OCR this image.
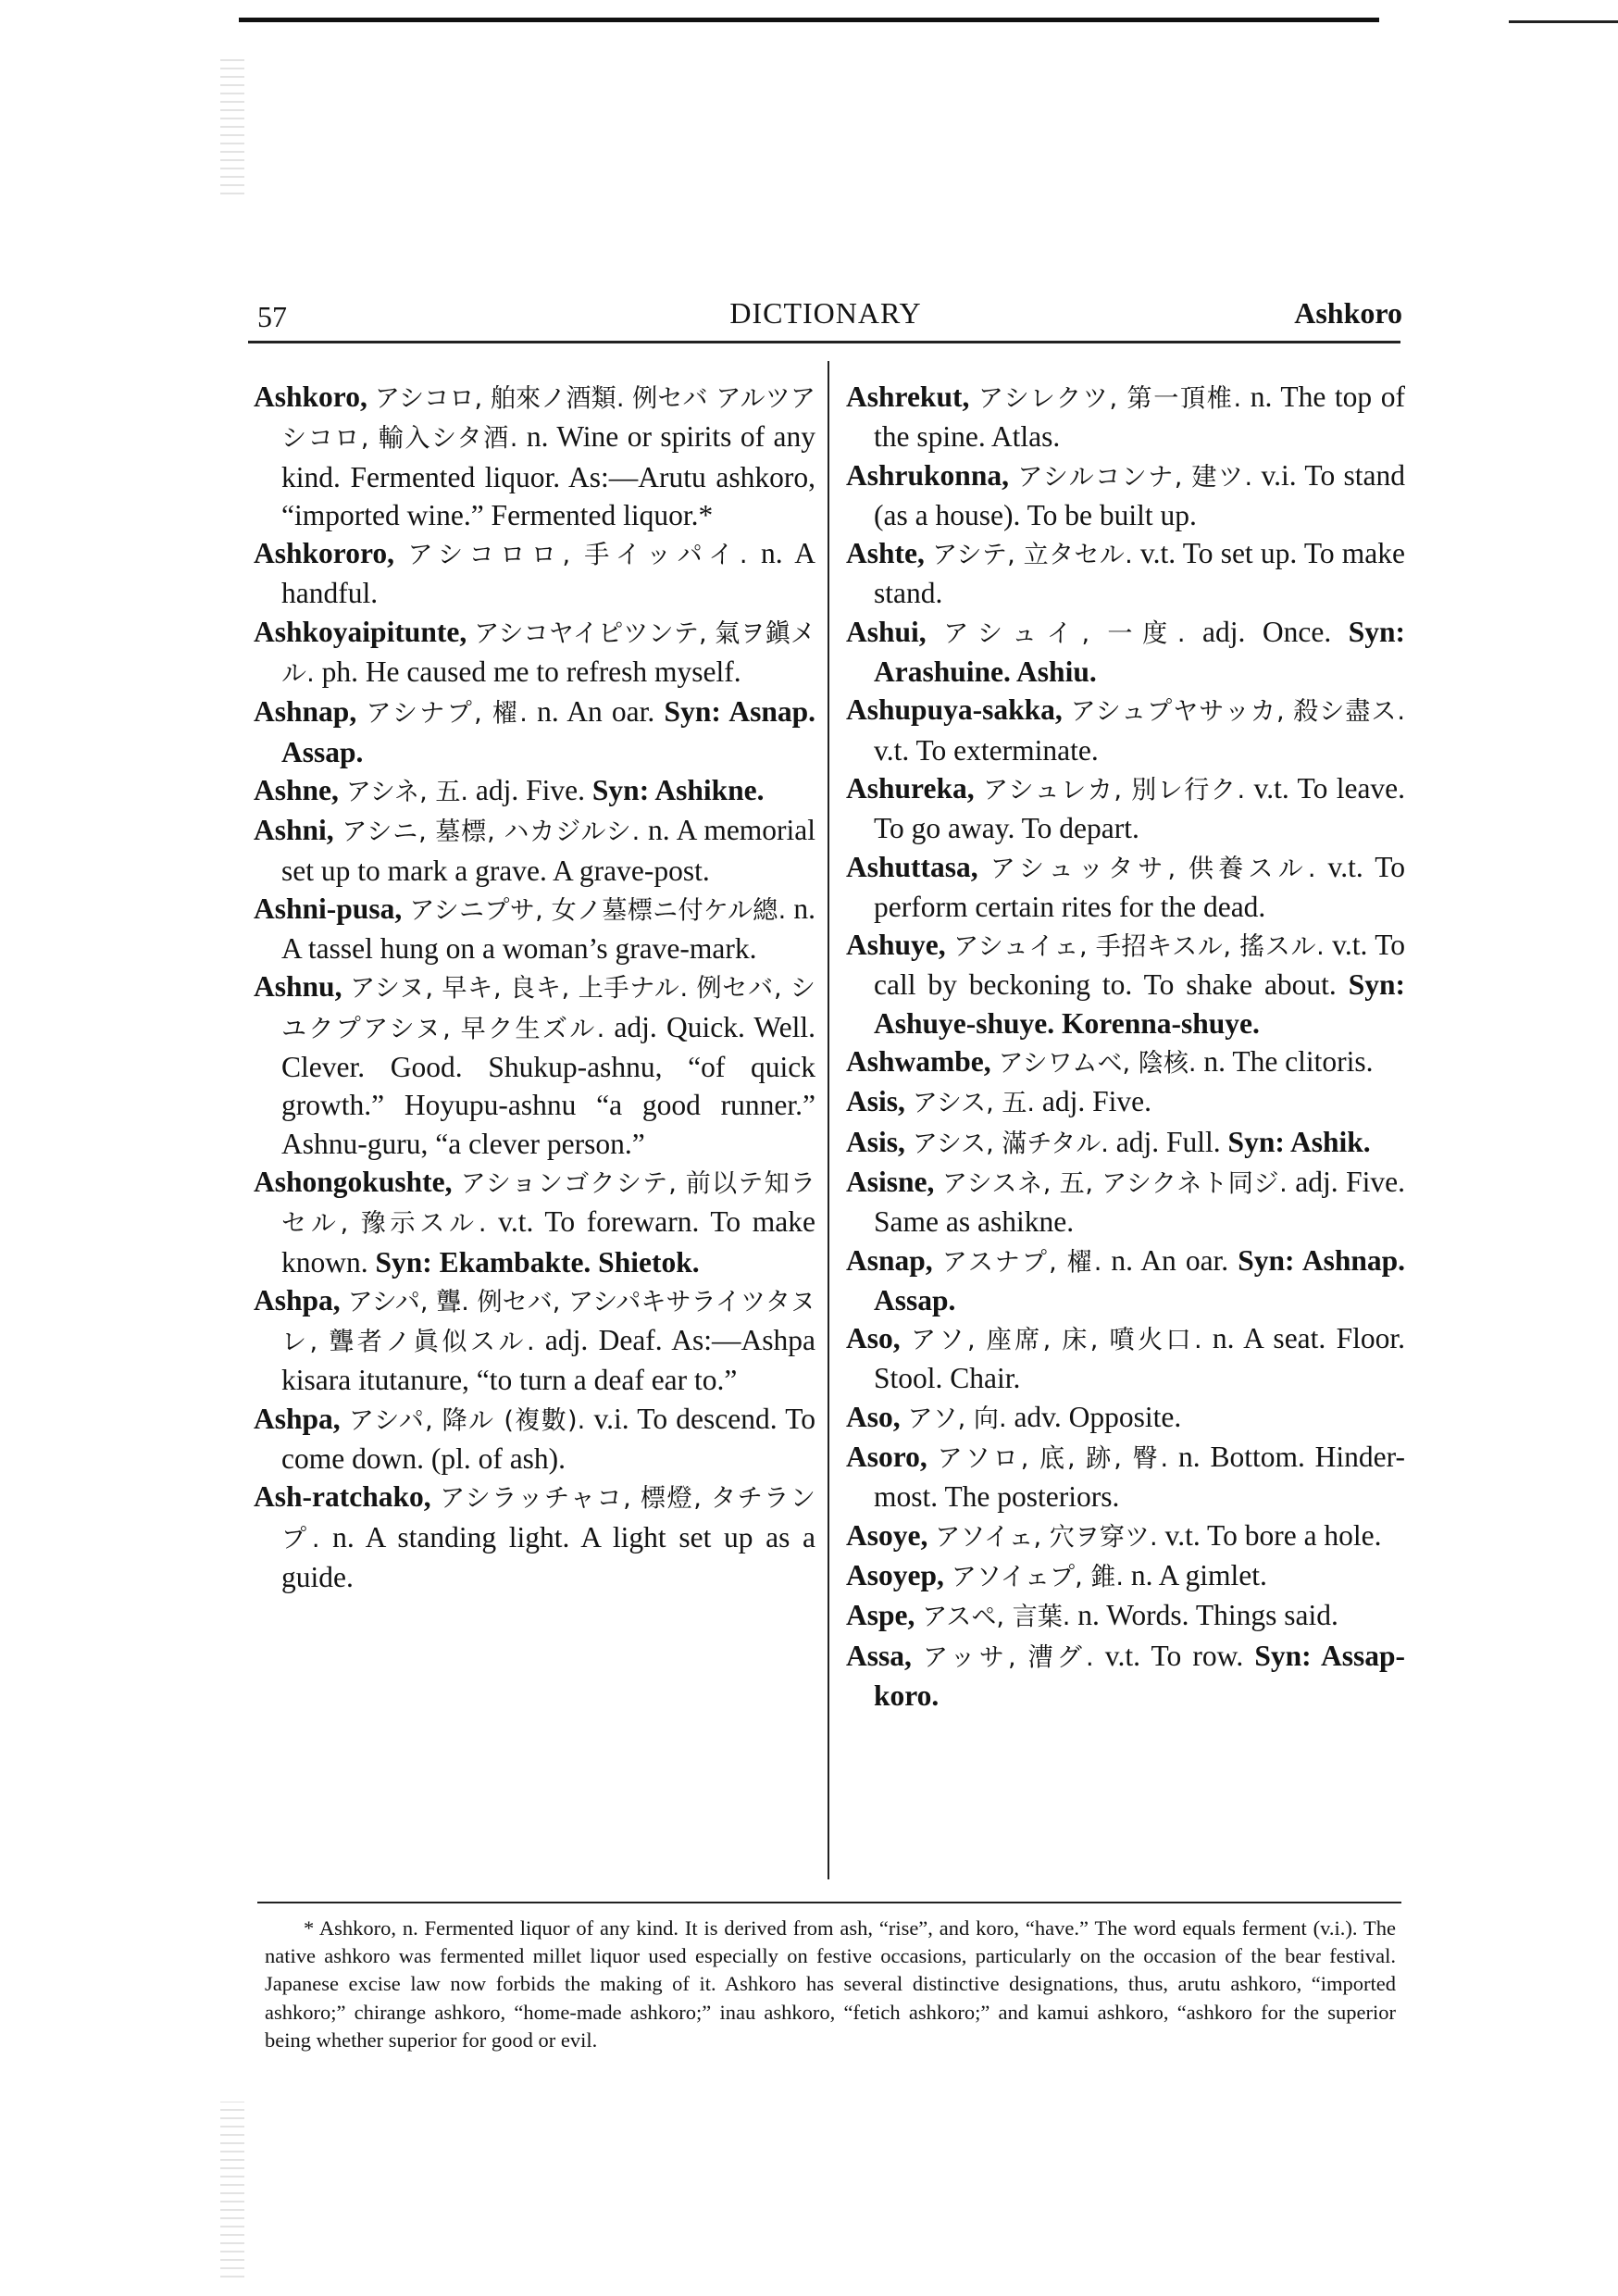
57	DICTIONARY	Ashkoro

Ashkoro, アシコロ, 舶來ノ酒類. 例セバ アルツアシコロ, 輸入シタ酒. n. Wine or spirits of any kind. Fermented liquor. As:—Arutu ashkoro, “imported wine.” Fermented liquor.*

Ashkororo, アシコロロ, 手イッパイ. n. A handful.

Ashkoyaipitunte, アシコヤイピツンテ, 氣ヲ鎭メル. ph. He caused me to refresh myself.

Ashnap, アシナプ, 櫂. n. An oar. Syn: Asnap. Assap.

Ashne, アシネ, 五. adj. Five. Syn: Ashikne.

Ashni, アシニ, 墓標, ハカジルシ. n. A memorial set up to mark a grave. A grave-post.

Ashni-pusa, アシニプサ, 女ノ墓標ニ付ケル總. n. A tassel hung on a woman’s grave-mark.

Ashnu, アシヌ, 早キ, 良キ, 上手ナル. 例セバ, シユクプアシヌ, 早ク生ズル. adj. Quick. Well. Clever. Good. Shukup-ashnu, “of quick growth.” Hoyupu-ashnu “a good runner.” Ashnu-guru, “a clever person.”

Ashongokushte, アションゴクシテ, 前以テ知ラセル, 豫示スル. v.t. To forewarn. To make known. Syn: Ekambakte. Shietok.

Ashpa, アシパ, 聾. 例セバ, アシパキサライツタヌレ, 聾者ノ眞似スル. adj. Deaf. As:—Ashpa kisara itutanure, “to turn a deaf ear to.”

Ashpa, アシパ, 降ル (複數). v.i. To descend. To come down. (pl. of ash).

Ash-ratchako, アシラッチャコ, 標燈, タチランプ. n. A standing light. A light set up as a guide.

Ashrekut, アシレクツ, 第一頂椎. n. The top of the spine. Atlas.

Ashrukonna, アシルコンナ, 建ツ. v.i. To stand (as a house). To be built up.

Ashte, アシテ, 立タセル. v.t. To set up. To make stand.

Ashui, アシュイ, 一度. adj. Once. Syn: Arashuine. Ashiu.

Ashupuya-sakka, アシュプヤサッカ, 殺シ盡ス. v.t. To exterminate.

Ashureka, アシュレカ, 別レ行ク. v.t. To leave. To go away. To depart.

Ashuttasa, アシュッタサ, 供養スル. v.t. To perform certain rites for the dead.

Ashuye, アシュイェ, 手招キスル, 搖スル. v.t. To call by beckoning to. To shake about. Syn: Ashuye-shuye. Korenna-shuye.

Ashwambe, アシワムベ, 陰核. n. The clitoris.

Asis, アシス, 五. adj. Five.

Asis, アシス, 滿チタル. adj. Full. Syn: Ashik.

Asisne, アシスネ, 五, アシクネト同ジ. adj. Five. Same as ashikne.

Asnap, アスナプ, 櫂. n. An oar. Syn: Ashnap. Assap.

Aso, アソ, 座席, 床, 噴火口. n. A seat. Floor. Stool. Chair.

Aso, アソ, 向. adv. Opposite.

Asoro, アソロ, 底, 跡, 臀. n. Bottom. Hinder-most. The posteriors.

Asoye, アソイェ, 穴ヲ穿ツ. v.t. To bore a hole.

Asoyep, アソイェプ, 錐. n. A gimlet.

Aspe, アスペ, 言葉. n. Words. Things said.

Assa, アッサ, 漕グ. v.t. To row. Syn: Assap-koro.

* Ashkoro, n. Fermented liquor of any kind. It is derived from ash, “rise”, and koro, “have.” The word equals ferment (v.i.). The native ashkoro was fermented millet liquor used especially on festive occasions, particularly on the occasion of the bear festival. Japanese excise law now forbids the making of it. Ashkoro has several distinctive designations, thus, arutu ashkoro, “imported ashkoro;” chirange ashkoro, “home-made ashkoro;” inau ashkoro, “fetich ashkoro;” and kamui ashkoro, “ashkoro for the superior being whether superior for good or evil.
